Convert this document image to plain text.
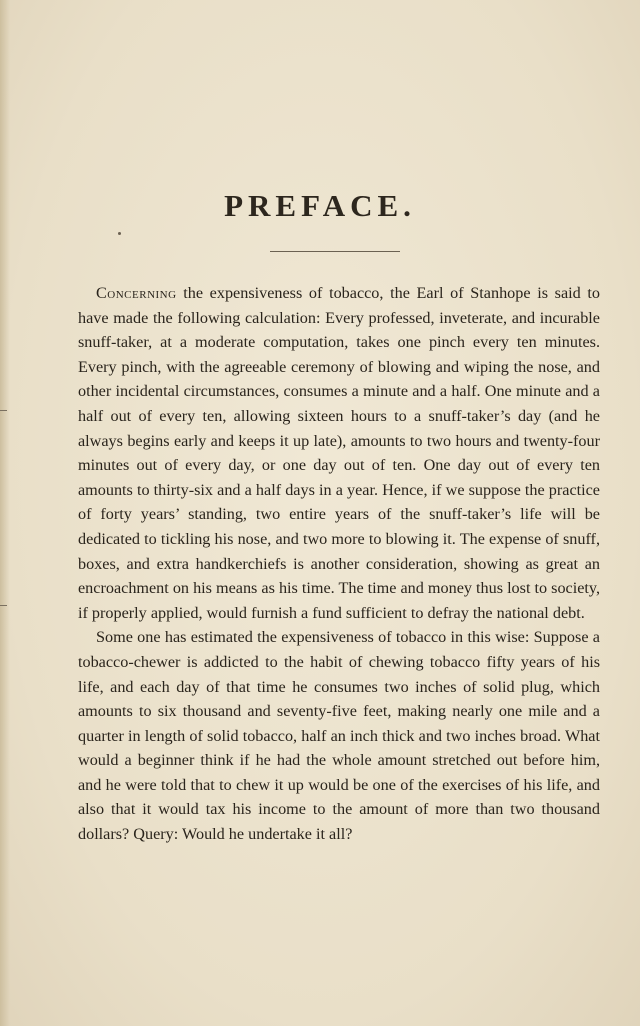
PREFACE.

Concerning the expensiveness of tobacco, the Earl of Stanhope is said to have made the following calculation: Every professed, inveterate, and incurable snuff-taker, at a moderate computation, takes one pinch every ten minutes. Every pinch, with the agreeable ceremony of blowing and wiping the nose, and other incidental circumstances, consumes a minute and a half. One minute and a half out of every ten, allowing sixteen hours to a snuff-taker’s day (and he always begins early and keeps it up late), amounts to two hours and twenty-four minutes out of every day, or one day out of ten. One day out of every ten amounts to thirty-six and a half days in a year. Hence, if we suppose the practice of forty years’ standing, two entire years of the snuff-taker’s life will be dedicated to tickling his nose, and two more to blowing it. The expense of snuff, boxes, and extra handkerchiefs is another consideration, showing as great an encroachment on his means as his time. The time and money thus lost to society, if properly applied, would furnish a fund sufficient to defray the national debt.

Some one has estimated the expensiveness of tobacco in this wise: Suppose a tobacco-chewer is addicted to the habit of chewing tobacco fifty years of his life, and each day of that time he consumes two inches of solid plug, which amounts to six thousand and seventy-five feet, making nearly one mile and a quarter in length of solid tobacco, half an inch thick and two inches broad. What would a beginner think if he had the whole amount stretched out before him, and he were told that to chew it up would be one of the exercises of his life, and also that it would tax his income to the amount of more than two thousand dollars? Query: Would he undertake it all?
